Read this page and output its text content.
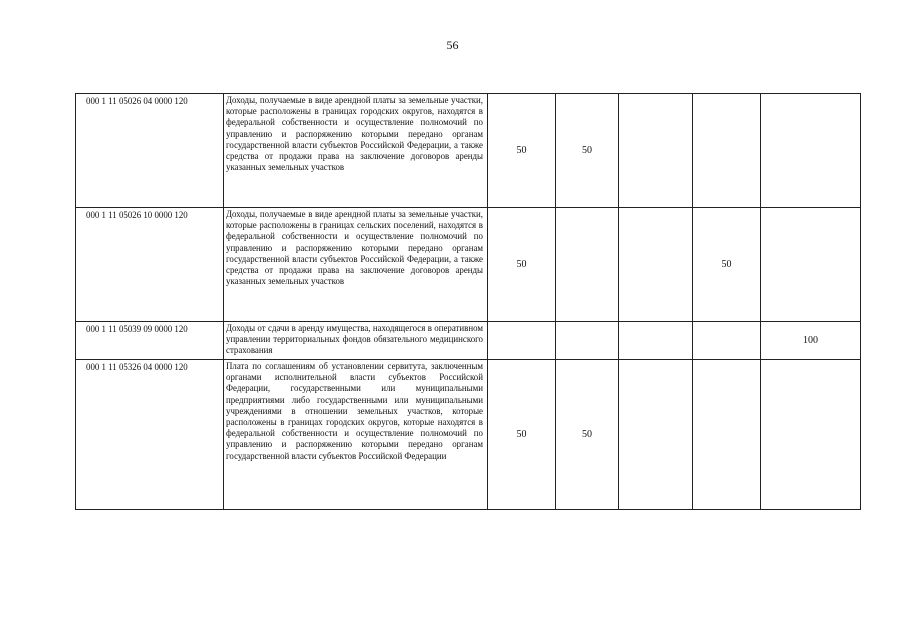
56
000 1 11 05026 04 0000 120	Доходы, получаемые в виде арендной платы за земельные участки, которые расположены в границах городских округов, находятся в федеральной собственности и осуществление полномочий по управлению и распоряжению которыми передано органам государственной власти субъектов Российской Федерации, а также средства от продажи права на заключение договоров аренды указанных земельных участков	50	50			
000 1 11 05026 10 0000 120	Доходы, получаемые в виде арендной платы за земельные участки, которые расположены в границах сельских поселений, находятся в федеральной собственности и осуществление полномочий по управлению и распоряжению которыми передано органам государственной власти субъектов Российской Федерации, а также средства от продажи права на заключение договоров аренды указанных земельных участков	50			50	
000 1 11 05039 09 0000 120	Доходы от сдачи в аренду имущества, находящегося в оперативном управлении территориальных фондов обязательного медицинского страхования					100
000 1 11 05326 04 0000 120	Плата по соглашениям об установлении сервитута, заключенным органами исполнительной власти субъектов Российской Федерации, государственными или муниципальными предприятиями либо государственными или муниципальными учреждениями в отношении земельных участков, которые расположены в границах городских округов, которые находятся в федеральной собственности и осуществление полномочий по управлению и распоряжению которыми передано органам государственной власти субъектов Российской Федерации	50	50			
